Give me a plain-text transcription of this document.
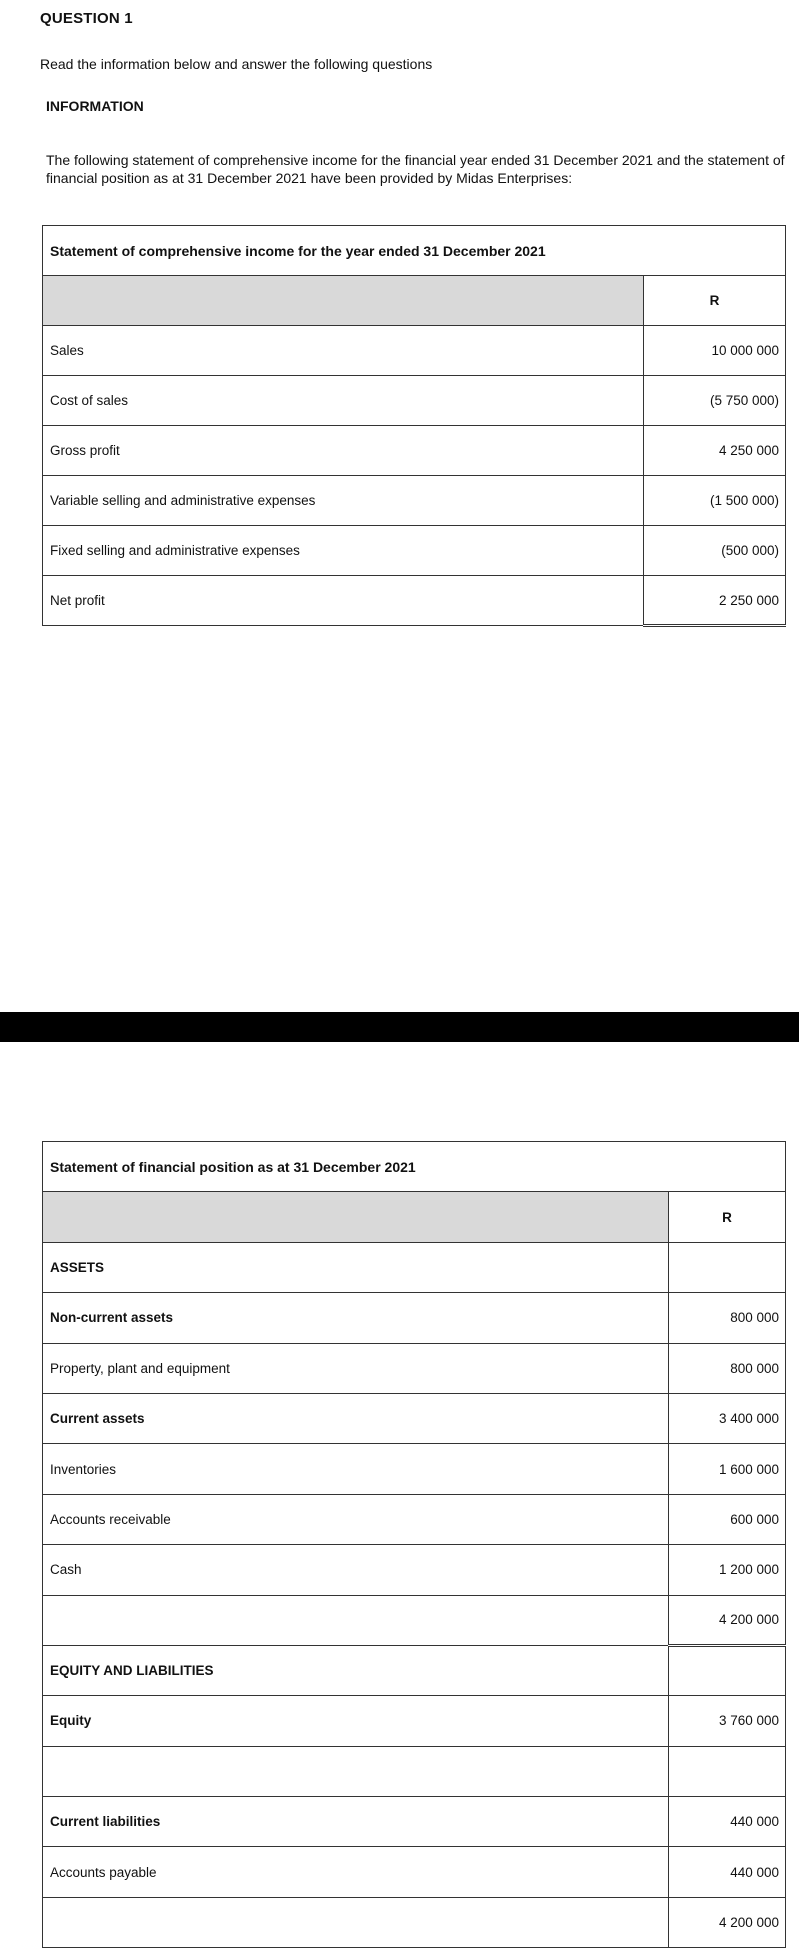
QUESTION 1
Read the information below and answer the following questions
INFORMATION
The following statement of comprehensive income for the financial year ended 31 December 2021 and the statement of financial position as at 31 December 2021 have been provided by Midas Enterprises:
Statement of comprehensive income for the year ended 31 December 2021	
	R
Sales	10 000 000
Cost of sales	(5 750 000)
Gross profit	4 250 000
Variable selling and administrative expenses	(1 500 000)
Fixed selling and administrative expenses	(500 000)
Net profit	2 250 000
Statement of financial position as at 31 December 2021	
	R
ASSETS	
Non-current assets	800 000
Property, plant and equipment	800 000
Current assets	3 400 000
Inventories	1 600 000
Accounts receivable	600 000
Cash	1 200 000
	4 200 000
EQUITY AND LIABILITIES	
Equity	3 760 000

Current liabilities	440 000
Accounts payable	440 000
	4 200 000
